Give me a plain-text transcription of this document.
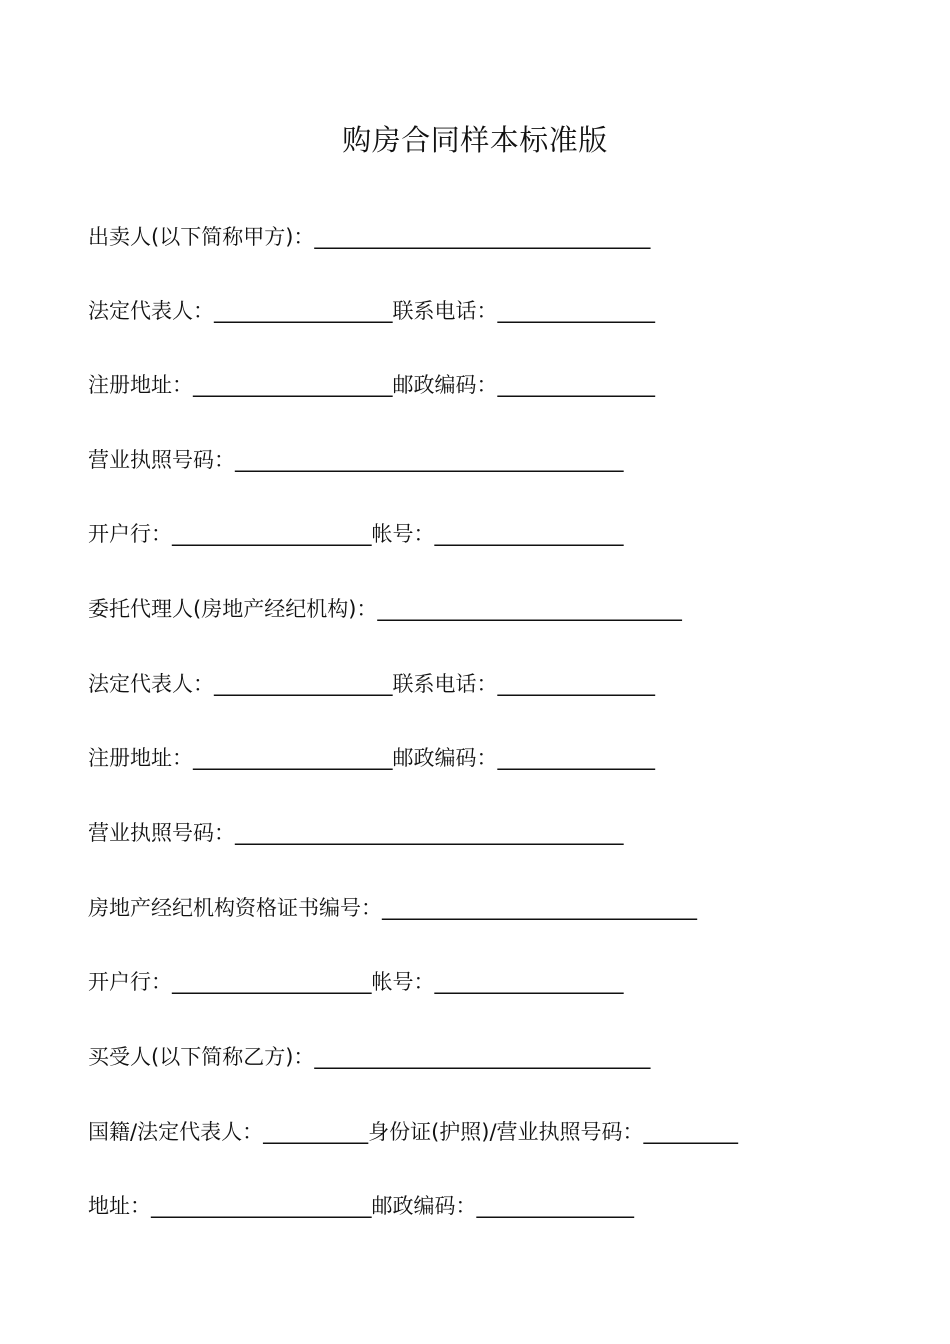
购房合同样本标准版
出卖人(以下简称甲方)：________________________________
法定代表人：_________________联系电话：_______________
注册地址：___________________邮政编码：_______________
营业执照号码：_____________________________________
开户行：___________________帐号：__________________
委托代理人(房地产经纪机构)：_____________________________
法定代表人：_________________联系电话：_______________
注册地址：___________________邮政编码：_______________
营业执照号码：_____________________________________
房地产经纪机构资格证书编号：______________________________
开户行：___________________帐号：__________________
买受人(以下简称乙方)：________________________________
国籍/法定代表人：__________身份证(护照)/营业执照号码：_________
地址：_____________________邮政编码：_______________
